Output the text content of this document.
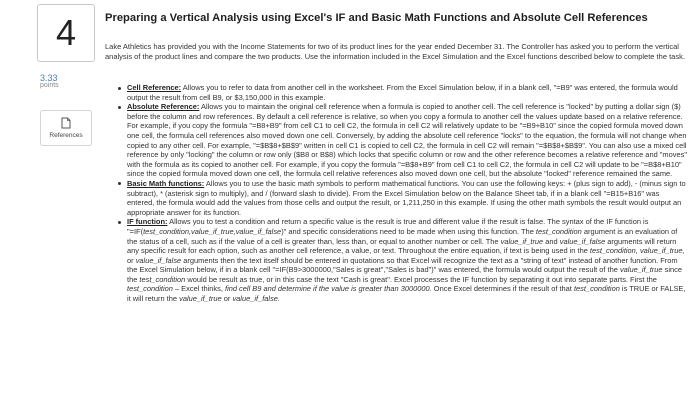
4
3.33
points
References
Preparing a Vertical Analysis using Excel's IF and Basic Math Functions and Absolute Cell References

Lake Athletics has provided you with the Income Statements for two of its product lines for the year ended December 31. The Controller has asked you to perform the vertical analysis of the product lines and compare the two products. Use the information included in the Excel Simulation and the Excel functions described below to complete the task.

Cell Reference: Allows you to refer to data from another cell in the worksheet. From the Excel Simulation below, if in a blank cell, "=B9" was entered, the formula would output the result from cell B9, or $3,150,000 in this example.
Absolute Reference: Allows you to maintain the original cell reference when a formula is copied to another cell. The cell reference is "locked" by putting a dollar sign ($) before the column and row references. By default a cell reference is relative, so when you copy a formula to another cell the values update based on a relative reference. For example, if you copy the formula "=B8+B9" from cell C1 to cell C2, the formula in cell C2 will relatively update to be "=B9+B10" since the copied formula moved down one cell, the formula cell references also moved down one cell. Conversely, by adding the absolute cell reference "locks" to the equation, the formula will not change when copied to any other cell. For example, "=$B$8+$B$9" written in cell C1 is copied to cell C2, the formula in cell C2 will remain "=$B$8+$B$9". You can also use a mixed cell reference by only "locking" the column or row only ($B8 or B$8) which locks that specific column or row and the other reference becomes a relative reference and "moves" with the formula as its copied to another cell. For example, if you copy the formula "=B$8+B9" from cell C1 to cell C2, the formula in cell C2 will update to be "=B$8+B10" since the copied formula moved down one cell, the formula cell relative references also moved down one cell, but the absolute "locked" reference remained the same.
Basic Math functions: Allows you to use the basic math symbols to perform mathematical functions. You can use the following keys: + (plus sign to add), - (minus sign to subtract), * (asterisk sign to multiply), and / (forward slash to divide). From the Excel Simulation below on the Balance Sheet tab, if in a blank cell "=B15+B16" was entered, the formula would add the values from those cells and output the result, or 1,211,250 in this example. If using the other math symbols the result would output an appropriate answer for its function.
IF function: Allows you to test a condition and return a specific value is the result is true and different value if the result is false. The syntax of the IF function is "=IF(test_condition,value_if_true,value_if_false)" and specific considerations need to be made when using this function. The test_condition argument is an evaluation of the status of a cell, such as if the value of a cell is greater than, less than, or equal to another number or cell. The value_if_true and value_if_false arguments will return any specific result for each option, such as another cell reference, a value, or text. Throughout the entire equation, if text is being used in the test_condition, value_if_true, or value_if_false arguments then the text itself should be entered in quotations so that Excel will recognize the text as a "string of text" instead of another function. From the Excel Simulation below, if in a blank cell "=IF(B9>3000000,"Sales is great","Sales is bad")" was entered, the formula would output the result of the value_if_true since the test_condition would be result as true, or in this case the text "Cash is great". Excel processes the IF function by separating it out into separate parts. First the test_condition – Excel thinks, find cell B9 and determine if the value is greater than 3000000. Once Excel determines if the result of that test_condition is TRUE or FALSE, it will return the value_if_true or value_if_false.
